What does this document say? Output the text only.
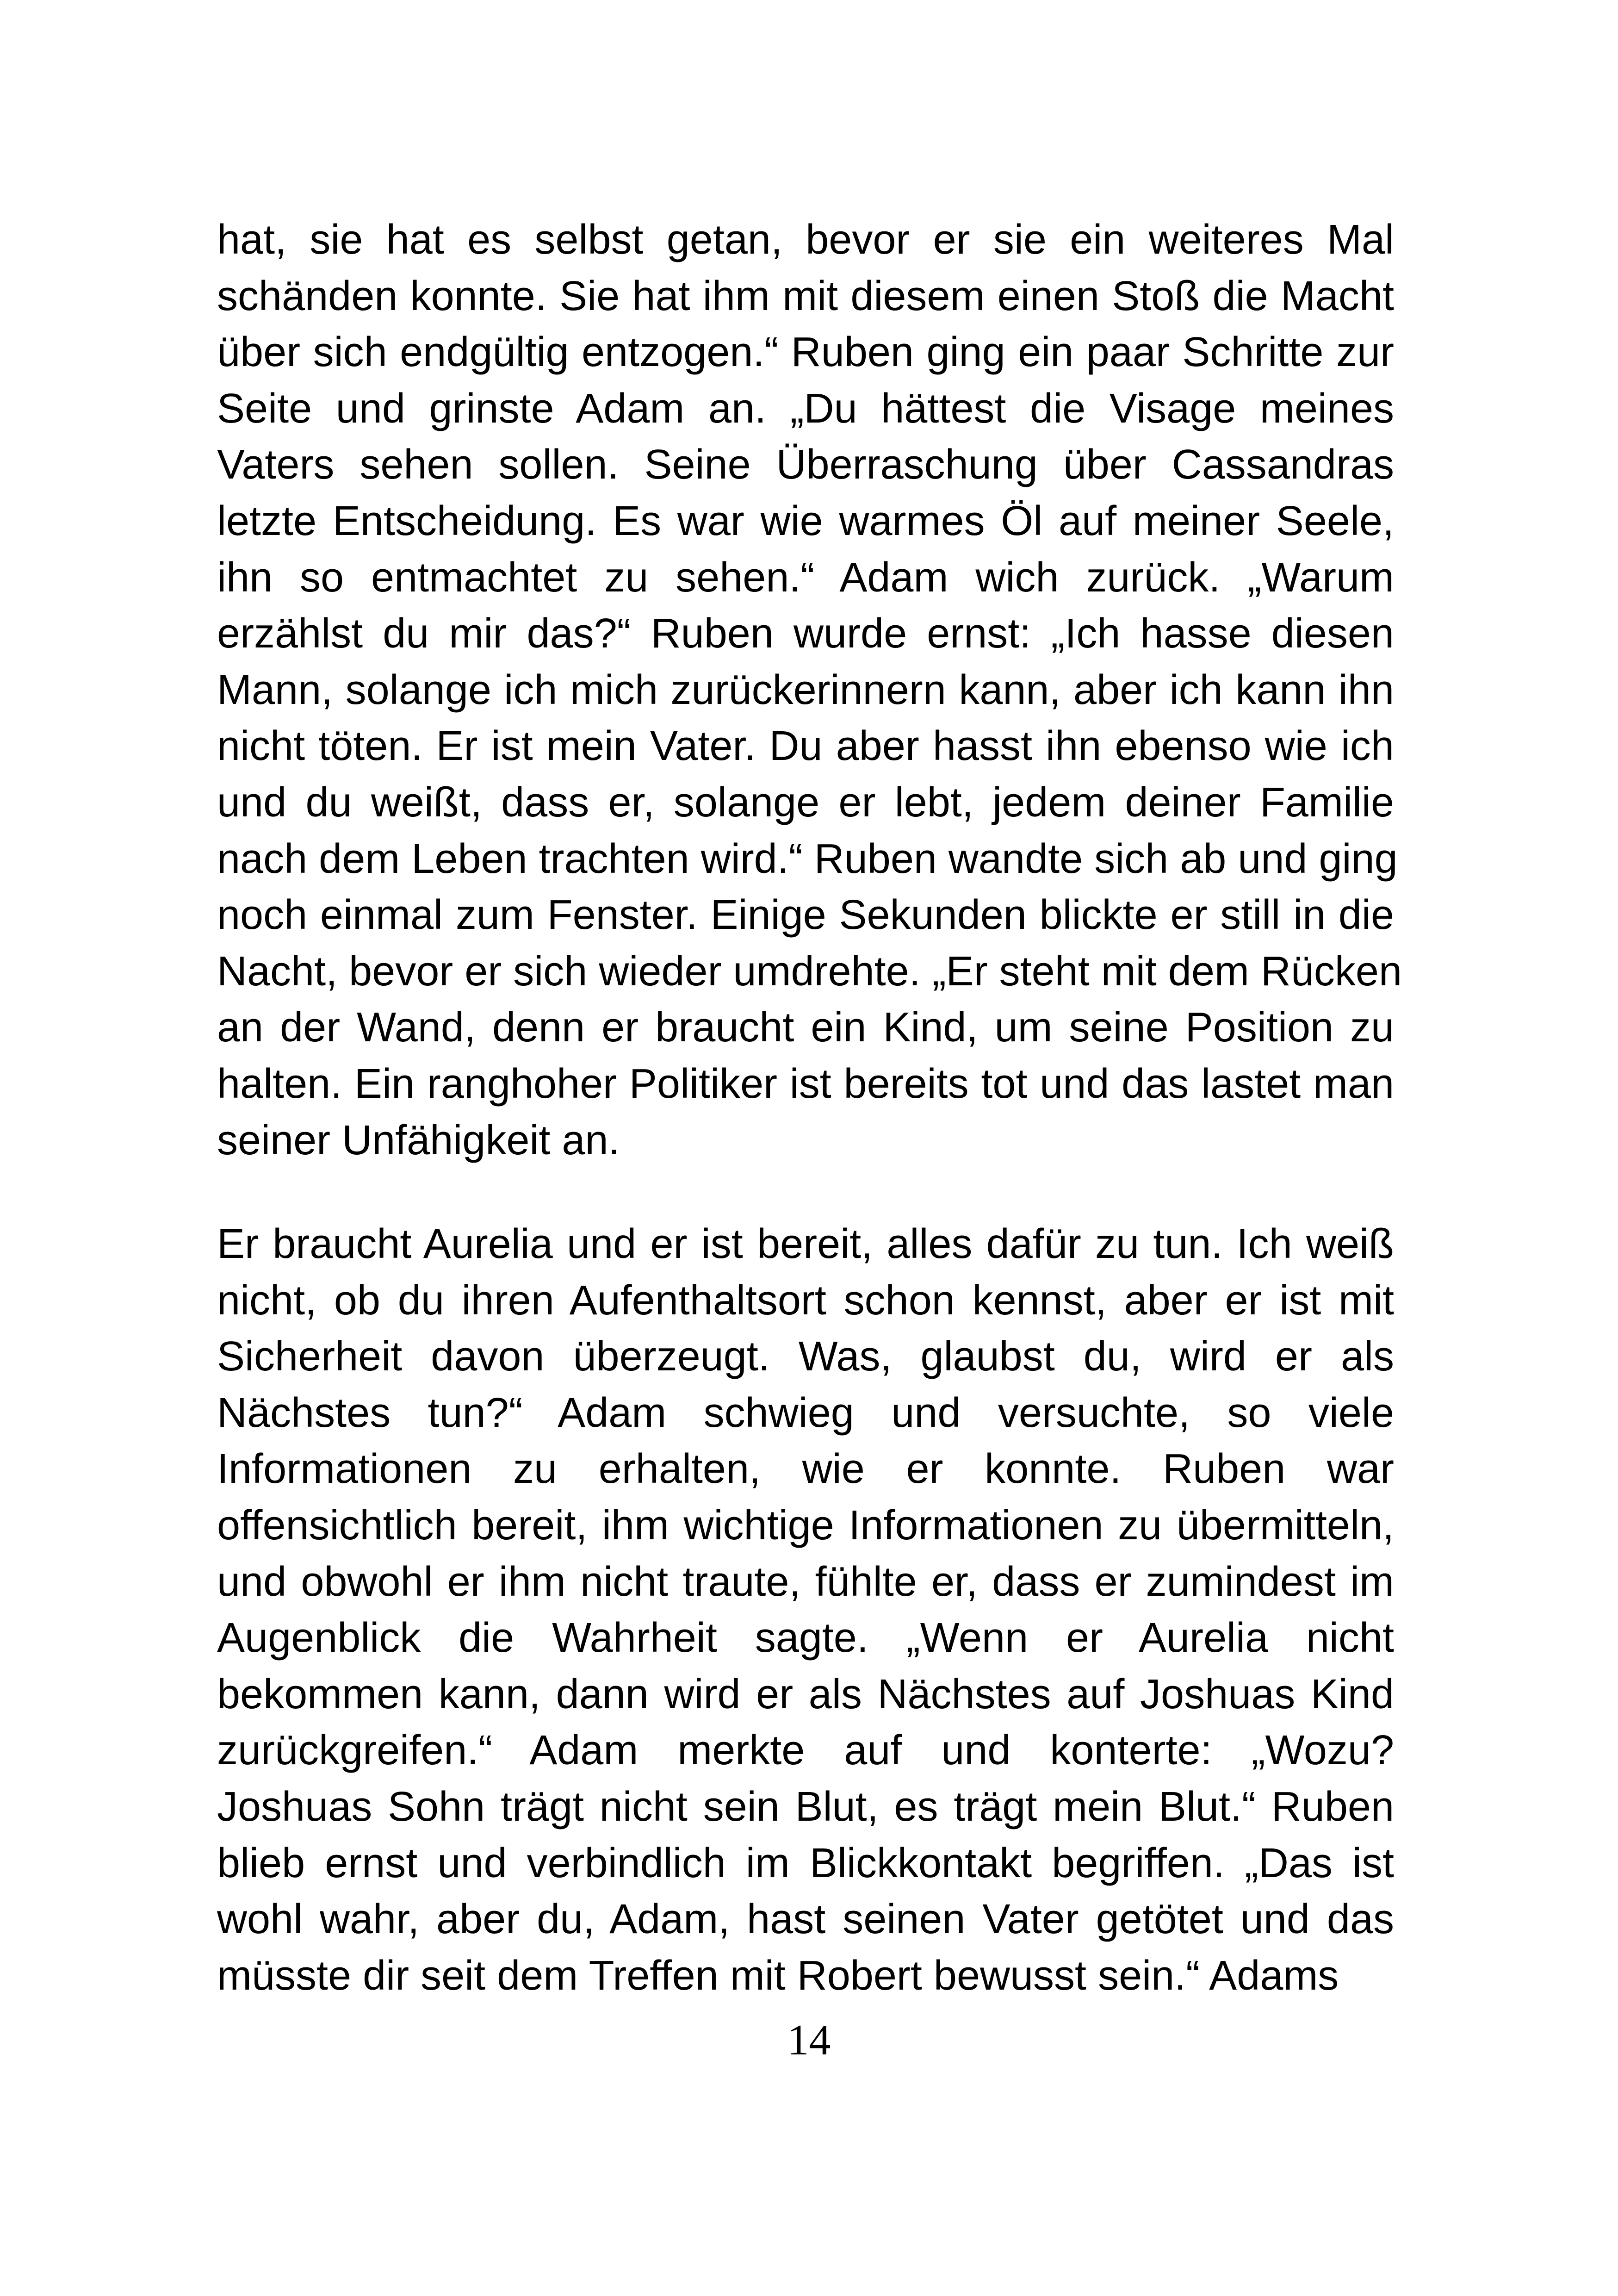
hat, sie hat es selbst getan, bevor er sie ein weiteres Mal
schänden konnte. Sie hat ihm mit diesem einen Stoß die Macht
über sich endgültig entzogen.“ Ruben ging ein paar Schritte zur
Seite und grinste Adam an. „Du hättest die Visage meines
Vaters sehen sollen. Seine Überraschung über Cassandras
letzte Entscheidung. Es war wie warmes Öl auf meiner Seele,
ihn so entmachtet zu sehen.“ Adam wich zurück. „Warum
erzählst du mir das?“ Ruben wurde ernst: „Ich hasse diesen
Mann, solange ich mich zurückerinnern kann, aber ich kann ihn
nicht töten. Er ist mein Vater. Du aber hasst ihn ebenso wie ich
und du weißt, dass er, solange er lebt, jedem deiner Familie
nach dem Leben trachten wird.“ Ruben wandte sich ab und ging
noch einmal zum Fenster. Einige Sekunden blickte er still in die
Nacht, bevor er sich wieder umdrehte. „Er steht mit dem Rücken
an der Wand, denn er braucht ein Kind, um seine Position zu
halten. Ein ranghoher Politiker ist bereits tot und das lastet man
seiner Unfähigkeit an.
Er braucht Aurelia und er ist bereit, alles dafür zu tun. Ich weiß
nicht, ob du ihren Aufenthaltsort schon kennst, aber er ist mit
Sicherheit davon überzeugt. Was, glaubst du, wird er als
Nächstes tun?“ Adam schwieg und versuchte, so viele
Informationen zu erhalten, wie er konnte. Ruben war
offensichtlich bereit, ihm wichtige Informationen zu übermitteln,
und obwohl er ihm nicht traute, fühlte er, dass er zumindest im
Augenblick die Wahrheit sagte. „Wenn er Aurelia nicht
bekommen kann, dann wird er als Nächstes auf Joshuas Kind
zurückgreifen.“ Adam merkte auf und konterte: „Wozu?
Joshuas Sohn trägt nicht sein Blut, es trägt mein Blut.“ Ruben
blieb ernst und verbindlich im Blickkontakt begriffen. „Das ist
wohl wahr, aber du, Adam, hast seinen Vater getötet und das
müsste dir seit dem Treffen mit Robert bewusst sein.“ Adams
14
